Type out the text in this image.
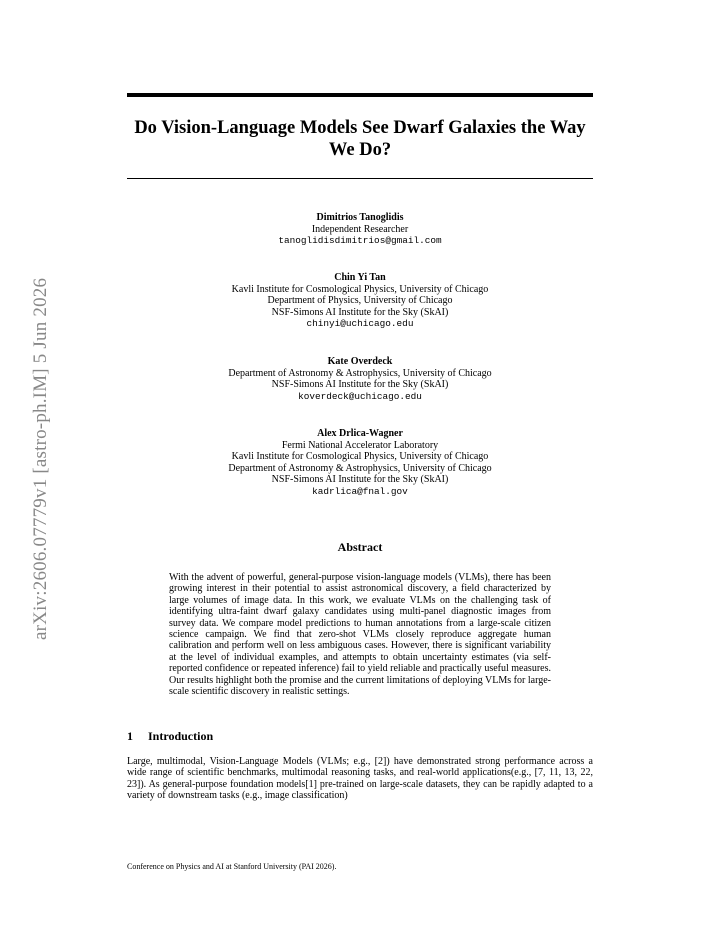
arXiv:2606.07779v1 [astro-ph.IM] 5 Jun 2026
Do Vision-Language Models See Dwarf Galaxies the Way We Do?
Dimitrios Tanoglidis
Independent Researcher
tanoglidisdimitrios@gmail.com
Chin Yi Tan
Kavli Institute for Cosmological Physics, University of Chicago
Department of Physics, University of Chicago
NSF-Simons AI Institute for the Sky (SkAI)
chinyi@uchicago.edu
Kate Overdeck
Department of Astronomy & Astrophysics, University of Chicago
NSF-Simons AI Institute for the Sky (SkAI)
koverdeck@uchicago.edu
Alex Drlica-Wagner
Fermi National Accelerator Laboratory
Kavli Institute for Cosmological Physics, University of Chicago
Department of Astronomy & Astrophysics, University of Chicago
NSF-Simons AI Institute for the Sky (SkAI)
kadrlica@fnal.gov
Abstract
With the advent of powerful, general-purpose vision-language models (VLMs), there has been growing interest in their potential to assist astronomical discovery, a field characterized by large volumes of image data. In this work, we evaluate VLMs on the challenging task of identifying ultra-faint dwarf galaxy candidates using multi-panel diagnostic images from survey data. We compare model predictions to human annotations from a large-scale citizen science campaign. We find that zero-shot VLMs closely reproduce aggregate human calibration and perform well on less ambiguous cases. However, there is significant variability at the level of individual examples, and attempts to obtain uncertainty estimates (via self-reported confidence or repeated inference) fail to yield reliable and practically useful measures. Our results highlight both the promise and the current limitations of deploying VLMs for large-scale scientific discovery in realistic settings.
1 Introduction
Large, multimodal, Vision-Language Models (VLMs; e.g., [2]) have demonstrated strong performance across a wide range of scientific benchmarks, multimodal reasoning tasks, and real-world applications(e.g., [7, 11, 13, 22, 23]). As general-purpose foundation models[1] pre-trained on large-scale datasets, they can be rapidly adapted to a variety of downstream tasks (e.g., image classification)
Conference on Physics and AI at Stanford University (PAI 2026).
